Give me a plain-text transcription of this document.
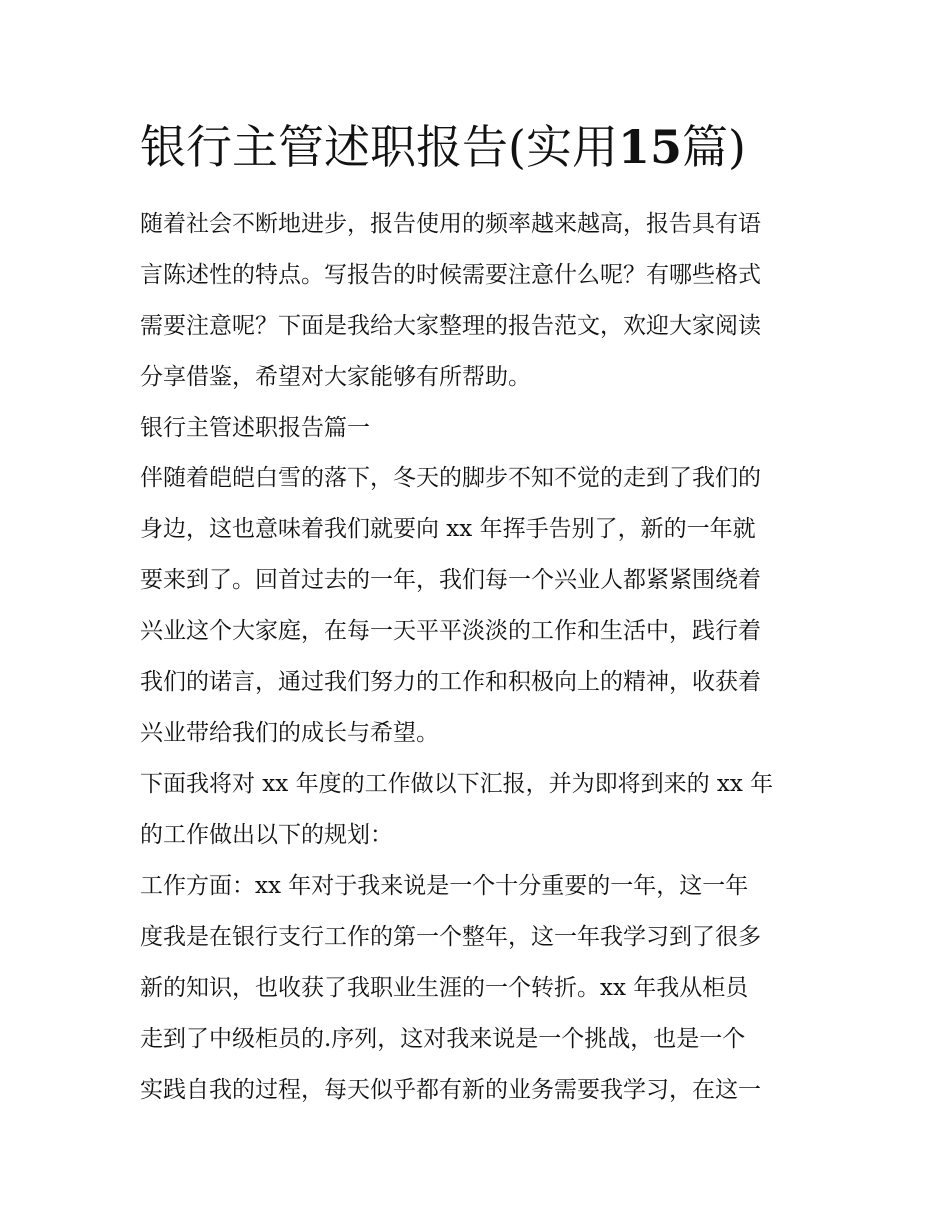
银行主管述职报告(实用15篇)
随着社会不断地进步，报告使用的频率越来越高，报告具有语
言陈述性的特点。写报告的时候需要注意什么呢？有哪些格式
需要注意呢？下面是我给大家整理的报告范文，欢迎大家阅读
分享借鉴，希望对大家能够有所帮助。
银行主管述职报告篇一
伴随着皑皑白雪的落下，冬天的脚步不知不觉的走到了我们的
身边，这也意味着我们就要向 xx 年挥手告别了，新的一年就
要来到了。回首过去的一年，我们每一个兴业人都紧紧围绕着
兴业这个大家庭，在每一天平平淡淡的工作和生活中，践行着
我们的诺言，通过我们努力的工作和积极向上的精神，收获着
兴业带给我们的成长与希望。
下面我将对 xx 年度的工作做以下汇报，并为即将到来的 xx 年
的工作做出以下的规划：
工作方面：xx 年对于我来说是一个十分重要的一年，这一年
度我是在银行支行工作的第一个整年，这一年我学习到了很多
新的知识，也收获了我职业生涯的一个转折。xx 年我从柜员
走到了中级柜员的.序列，这对我来说是一个挑战，也是一个
实践自我的过程，每天似乎都有新的业务需要我学习，在这一
